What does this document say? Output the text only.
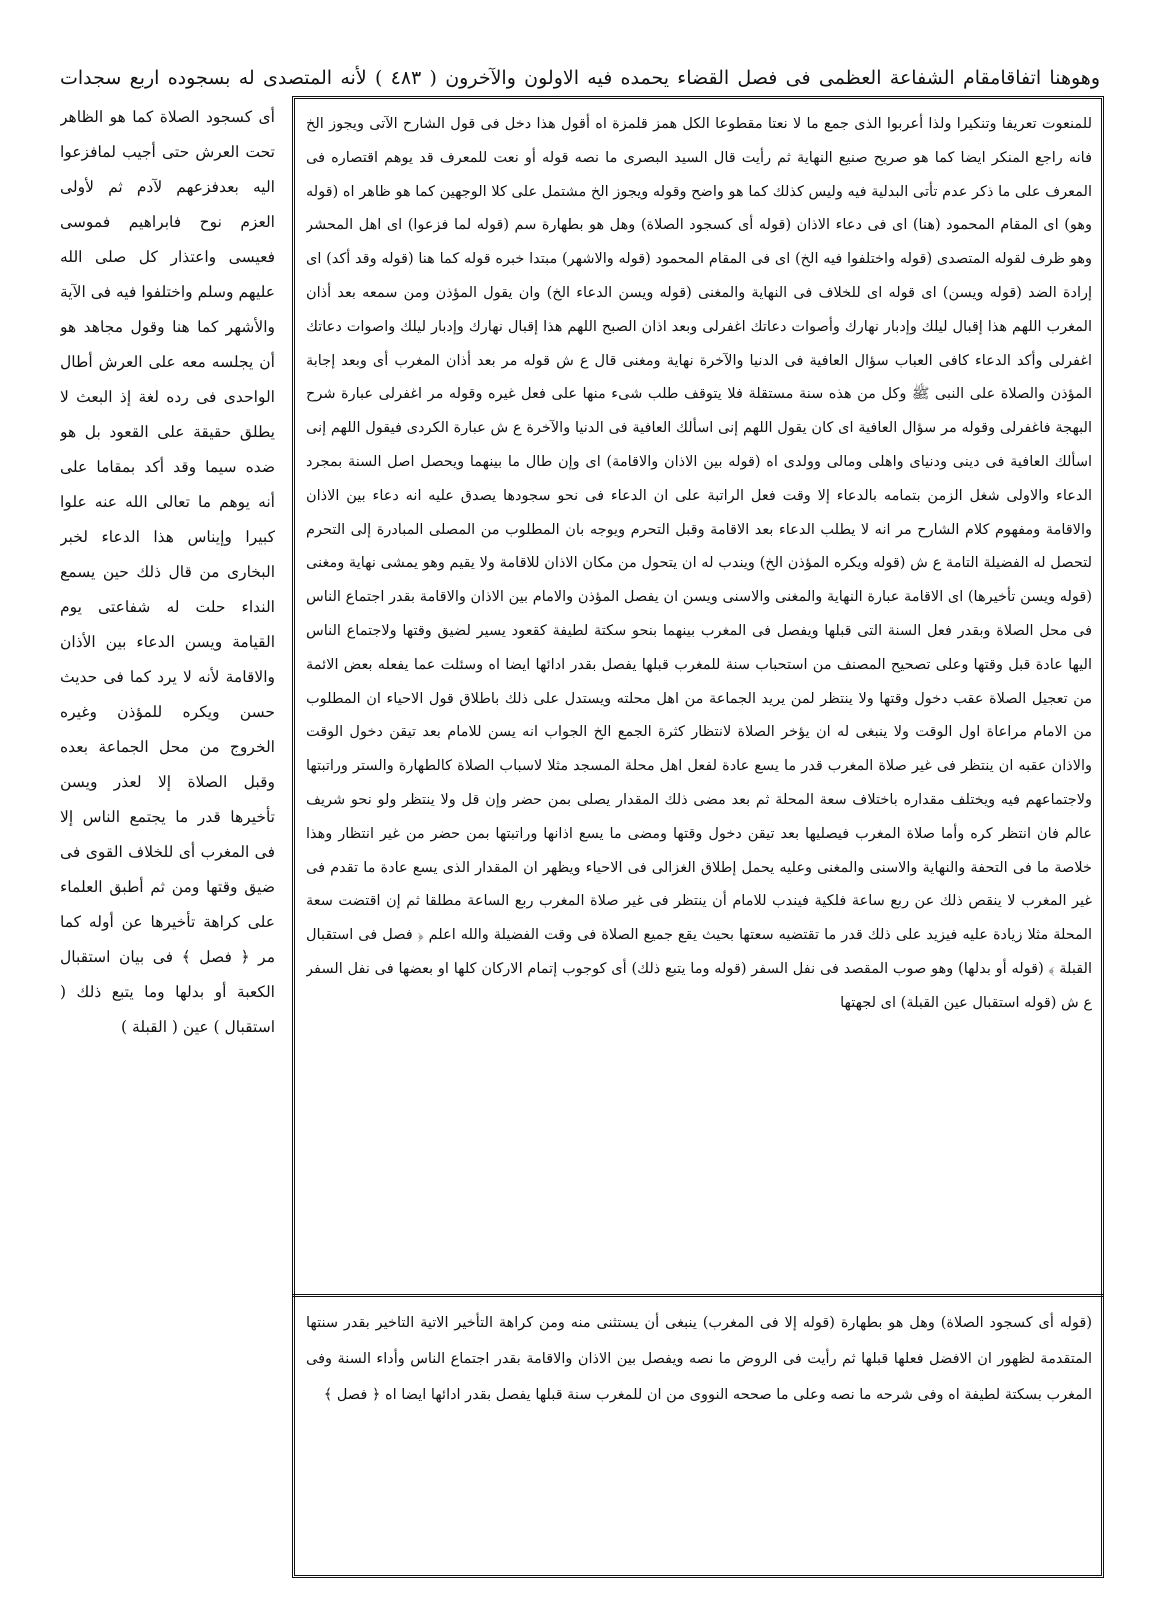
وهوهنا اتفاقامقام الشفاعة العظمى فى فصل القضاء يحمده فيه الاولون والآخرون ( ٤٨٣ ) لأنه المتصدى له بسجوده اربع سجدات
أى كسجود الصلاة كما هو الظاهر تحت العرش حتى أجيب لمافزعوا اليه بعدفزعهم لآدم ثم لأولى العزم نوح فابراهيم فموسى فعيسى واعتذار كل صلى الله عليهم وسلم واختلفوا فيه فى الآية والأشهر كما هنا وقول مجاهد هو أن يجلسه معه على العرش أطال الواحدى فى رده لغة إذ البعث لا يطلق حقيقة على القعود بل هو ضده سيما وقد أكد بمقاما على أنه يوهم ما تعالى الله عنه علوا كبيرا وإيناس هذا الدعاء لخبر البخارى من قال ذلك حين يسمع النداء حلت له شفاعتى يوم القيامة ويسن الدعاء بين الأذان والاقامة لأنه لا يرد كما فى حديث حسن ويكره للمؤذن وغيره الخروج من محل الجماعة بعده وقبل الصلاة إلا لعذر ويسن تأخيرها قدر ما يجتمع الناس إلا فى المغرب أى للخلاف القوى فى ضيق وقتها ومن ثم أطبق العلماء على كراهة تأخيرها عن أوله كما مر ﴿ فصل ﴾ فى بيان استقبال الكعبة أو بدلها وما يتبع ذلك ( استقبال ) عين ( القبلة )
للمنعوت تعريفا وتنكيرا ولذا أعربوا الذى جمع ما لا نعتا مقطوعا الكل همز قلمزة اه أقول هذا دخل فى قول الشارح الآتى ويجوز الخ فانه راجع المنكر ايضا كما هو صريح صنيع النهاية ثم رأيت قال السيد البصرى ما نصه قوله أو نعت للمعرف قد يوهم اقتصاره فى المعرف على ما ذكر عدم تأتى البدلية فيه وليس كذلك كما هو واضح وقوله ويجوز الخ مشتمل على كلا الوجهين كما هو ظاهر اه (قوله وهو) اى المقام المحمود (هنا) اى فى دعاء الاذان (قوله أى كسجود الصلاة) وهل هو بطهارة سم (قوله لما فزعوا) اى اهل المحشر وهو ظرف لقوله المتصدى (قوله واختلفوا فيه الخ) اى فى المقام المحمود (قوله والاشهر) مبتدا خبره قوله كما هنا (قوله وقد أكد) اى إرادة الضد (قوله ويسن) اى قوله اى للخلاف فى النهاية والمغنى (قوله ويسن الدعاء الخ) وان يقول المؤذن ومن سمعه بعد أذان المغرب اللهم هذا إقبال ليلك وإدبار نهارك وأصوات دعاتك اغفرلى وبعد اذان الصبح اللهم هذا إقبال نهارك وإدبار ليلك واصوات دعاتك اغفرلى وأكد الدعاء كافى العباب سؤال العافية فى الدنيا والآخرة نهاية ومغنى قال ع ش قوله مر بعد أذان المغرب أى وبعد إجابة المؤذن والصلاة على النبى ﷺ وكل من هذه سنة مستقلة فلا يتوقف طلب شىء منها على فعل غيره وقوله مر اغفرلى عبارة شرح البهجة فاغفرلى وقوله مر سؤال العافية اى كان يقول اللهم إنى اسألك العافية فى الدنيا والآخرة ع ش عبارة الكردى فيقول اللهم إنى اسألك العافية فى دينى ودنياى واهلى ومالى وولدى اه (قوله بين الاذان والاقامة) اى وإن طال ما بينهما ويحصل اصل السنة بمجرد الدعاء والاولى شغل الزمن بتمامه بالدعاء إلا وقت فعل الراتبة على ان الدعاء فى نحو سجودها يصدق عليه انه دعاء بين الاذان والاقامة ومفهوم كلام الشارح مر انه لا يطلب الدعاء بعد الاقامة وقبل التحرم ويوجه بان المطلوب من المصلى المبادرة إلى التحرم لتحصل له الفضيلة التامة ع ش (قوله ويكره المؤذن الخ) ويندب له ان يتحول من مكان الاذان للاقامة ولا يقيم وهو يمشى نهاية ومغنى (قوله ويسن تأخيرها) اى الاقامة عبارة النهاية والمغنى والاسنى ويسن ان يفصل المؤذن والامام بين الاذان والاقامة بقدر اجتماع الناس فى محل الصلاة وبقدر فعل السنة التى قبلها ويفصل فى المغرب بينهما بنحو سكتة لطيفة كقعود يسير لضيق وقتها ولاجتماع الناس اليها عادة قبل وقتها وعلى تصحيح المصنف من استحباب سنة للمغرب قبلها يفصل بقدر ادائها ايضا اه وسئلت عما يفعله بعض الائمة من تعجيل الصلاة عقب دخول وقتها ولا ينتظر لمن يريد الجماعة من اهل محلته ويستدل على ذلك باطلاق قول الاحياء ان المطلوب من الامام مراعاة اول الوقت ولا ينبغى له ان يؤخر الصلاة لانتظار كثرة الجمع الخ الجواب انه يسن للامام بعد تيقن دخول الوقت والاذان عقبه ان ينتظر فى غير صلاة المغرب قدر ما يسع عادة لفعل اهل محلة المسجد مثلا لاسباب الصلاة كالطهارة والستر وراتبتها ولاجتماعهم فيه ويختلف مقداره باختلاف سعة المحلة ثم بعد مضى ذلك المقدار يصلى بمن حضر وإن قل ولا ينتظر ولو نحو شريف عالم فان انتظر كره وأما صلاة المغرب فيصليها بعد تيقن دخول وقتها ومضى ما يسع اذانها وراتبتها بمن حضر من غير انتظار وهذا خلاصة ما فى التحفة والنهاية والاسنى والمغنى وعليه يحمل إطلاق الغزالى فى الاحياء ويظهر ان المقدار الذى يسع عادة ما تقدم فى غير المغرب لا ينقص ذلك عن ربع ساعة فلكية فيندب للامام أن ينتظر فى غير صلاة المغرب ربع الساعة مطلقا ثم إن اقتضت سعة المحلة مثلا زيادة عليه فيزيد على ذلك قدر ما تقتضيه سعتها بحيث يقع جميع الصلاة فى وقت الفضيلة والله اعلم ﴿ فصل فى استقبال القبلة ﴾ (قوله أو بدلها) وهو صوب المقصد فى نفل السفر (قوله وما يتبع ذلك) أى كوجوب إتمام الاركان كلها او بعضها فى نفل السفر ع ش (قوله استقبال عين القبلة) اى لجهتها
(قوله أى كسجود الصلاة) وهل هو بطهارة (قوله إلا فى المغرب) ينبغى أن يستثنى منه ومن كراهة التأخير الاتية التاخير بقدر سنتها المتقدمة لظهور ان الافضل فعلها قبلها ثم رأيت فى الروض ما نصه ويفصل بين الاذان والاقامة بقدر اجتماع الناس وأداء السنة وفى المغرب بسكتة لطيفة اه وفى شرحه ما نصه وعلى ما صححه النووى من ان للمغرب سنة قبلها يفصل بقدر ادائها ايضا اه ﴿ فصل ﴾
